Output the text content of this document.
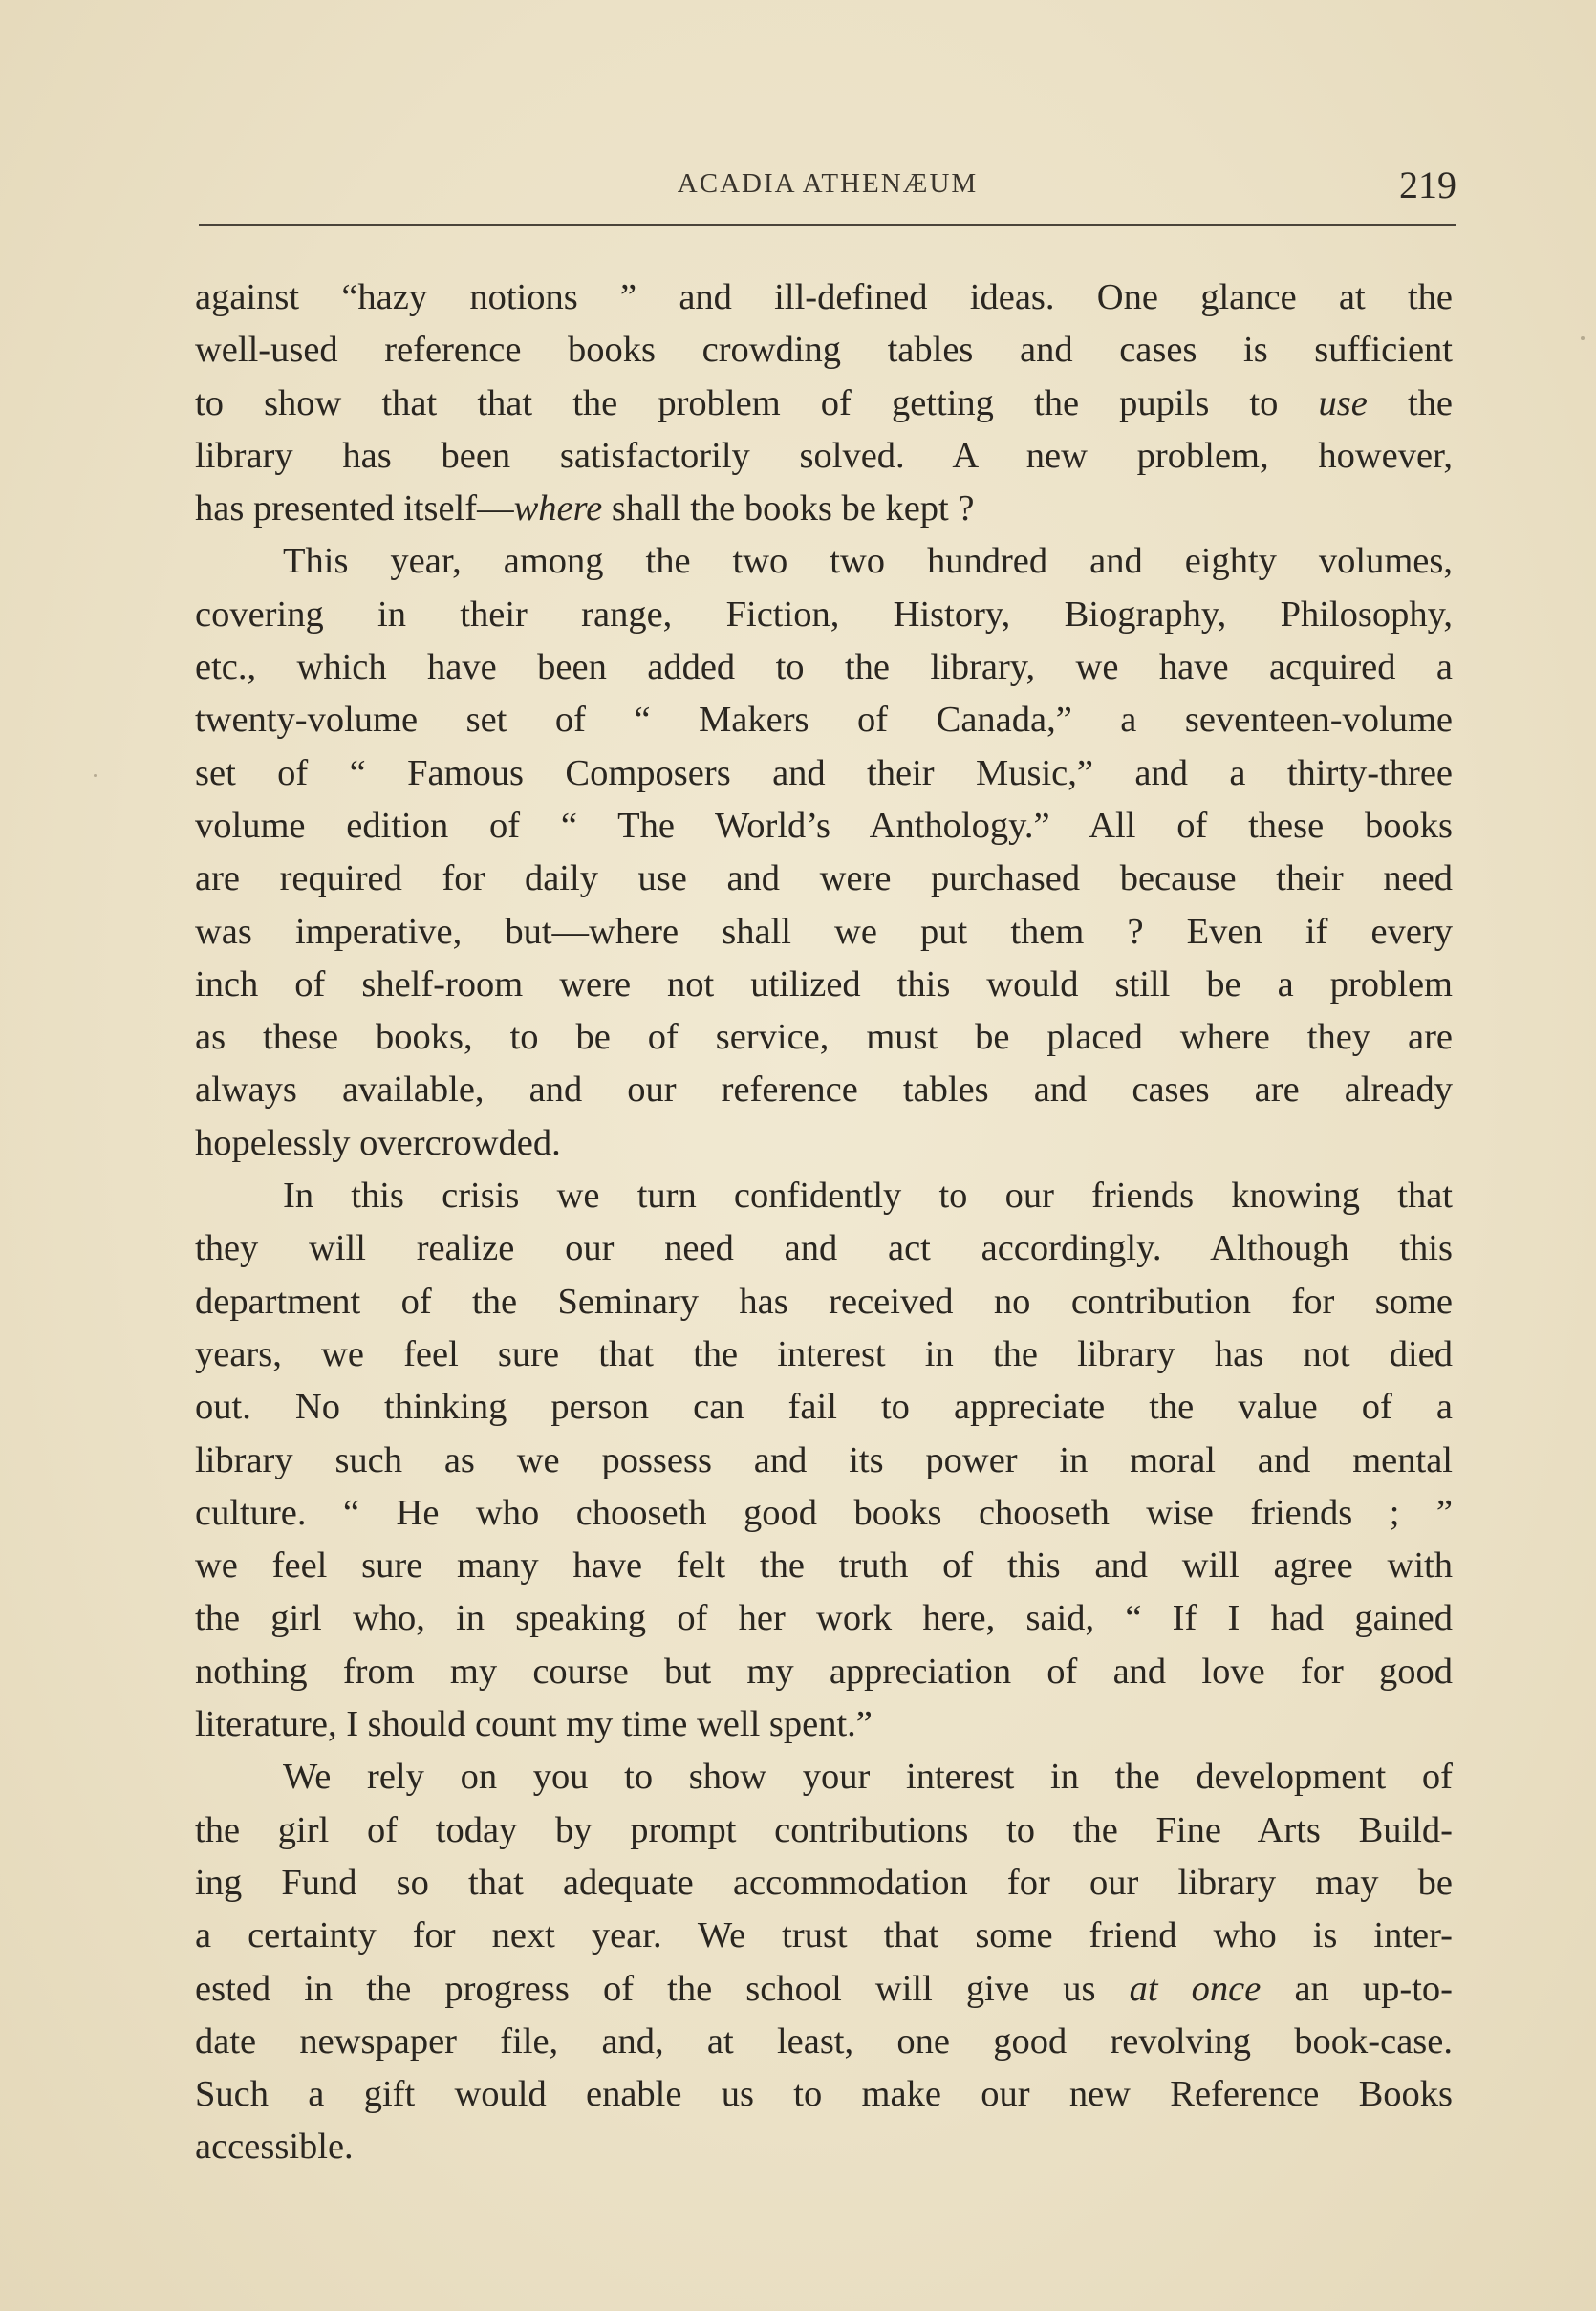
ACADIA ATHENÆUM	219
against “hazy notions ” and ill-defined ideas. One glance at the
well-used reference books crowding tables and cases is sufficient
to show that that the problem of getting the pupils to use the
library has been satisfactorily solved. A new problem, however,
has presented itself—where shall the books be kept ?
This year, among the two two hundred and eighty volumes,
covering in their range, Fiction, History, Biography, Philosophy,
etc., which have been added to the library, we have acquired a
twenty-volume set of “ Makers of Canada,” a seventeen-volume
set of “ Famous Composers and their Music,” and a thirty-three
volume edition of “ The World’s Anthology.” All of these books
are required for daily use and were purchased because their need
was imperative, but—where shall we put them ? Even if every
inch of shelf-room were not utilized this would still be a problem
as these books, to be of service, must be placed where they are
always available, and our reference tables and cases are already
hopelessly overcrowded.
In this crisis we turn confidently to our friends knowing that
they will realize our need and act accordingly. Although this
department of the Seminary has received no contribution for some
years, we feel sure that the interest in the library has not died
out. No thinking person can fail to appreciate the value of a
library such as we possess and its power in moral and mental
culture. “ He who chooseth good books chooseth wise friends ; ”
we feel sure many have felt the truth of this and will agree with
the girl who, in speaking of her work here, said, “ If I had gained
nothing from my course but my appreciation of and love for good
literature, I should count my time well spent.”
We rely on you to show your interest in the development of
the girl of today by prompt contributions to the Fine Arts Build-
ing Fund so that adequate accommodation for our library may be
a certainty for next year. We trust that some friend who is inter-
ested in the progress of the school will give us at once an up-to-
date newspaper file, and, at least, one good revolving book-case.
Such a gift would enable us to make our new Reference Books
accessible.
